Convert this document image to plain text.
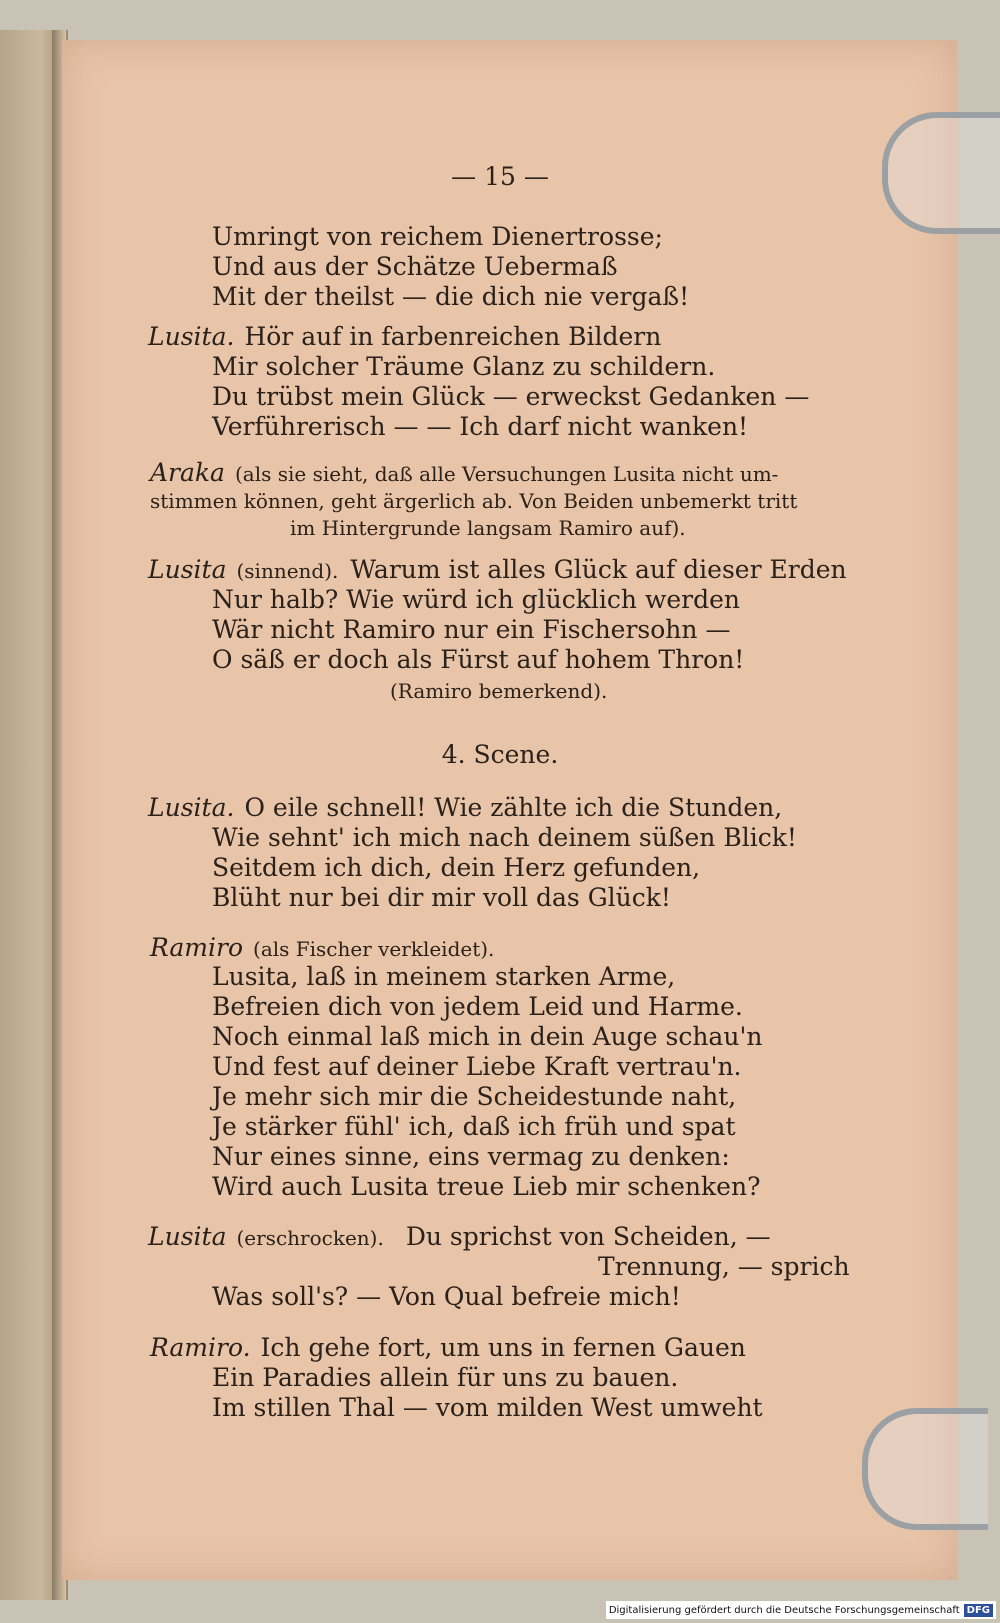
— 15 —
Umringt von reichem Dienertrosse;
Und aus der Schätze Uebermaß
Mit der theilst — die dich nie vergaß!
Lusita. Hör auf in farbenreichen Bildern
Mir solcher Träume Glanz zu schildern.
Du trübst mein Glück — erweckst Gedanken —
Verführerisch — — Ich darf nicht wanken!
Araka (als sie sieht, daß alle Versuchungen Lusita nicht um-
stimmen können, geht ärgerlich ab. Von Beiden unbemerkt tritt
im Hintergrunde langsam Ramiro auf).
Lusita (sinnend). Warum ist alles Glück auf dieser Erden
Nur halb? Wie würd ich glücklich werden
Wär nicht Ramiro nur ein Fischersohn —
O säß er doch als Fürst auf hohem Thron!
(Ramiro bemerkend).
4. Scene.
Lusita. O eile schnell! Wie zählte ich die Stunden,
Wie sehnt' ich mich nach deinem süßen Blick!
Seitdem ich dich, dein Herz gefunden,
Blüht nur bei dir mir voll das Glück!
Ramiro (als Fischer verkleidet).
Lusita, laß in meinem starken Arme,
Befreien dich von jedem Leid und Harme.
Noch einmal laß mich in dein Auge schau'n
Und fest auf deiner Liebe Kraft vertrau'n.
Je mehr sich mir die Scheidestunde naht,
Je stärker fühl' ich, daß ich früh und spat
Nur eines sinne, eins vermag zu denken:
Wird auch Lusita treue Lieb mir schenken?
Lusita (erschrocken). Du sprichst von Scheiden, —
Trennung, — sprich
Was soll's? — Von Qual befreie mich!
Ramiro. Ich gehe fort, um uns in fernen Gauen
Ein Paradies allein für uns zu bauen.
Im stillen Thal — vom milden West umweht
Digitalisierung gefördert durch die Deutsche Forschungsgemeinschaft DFG
